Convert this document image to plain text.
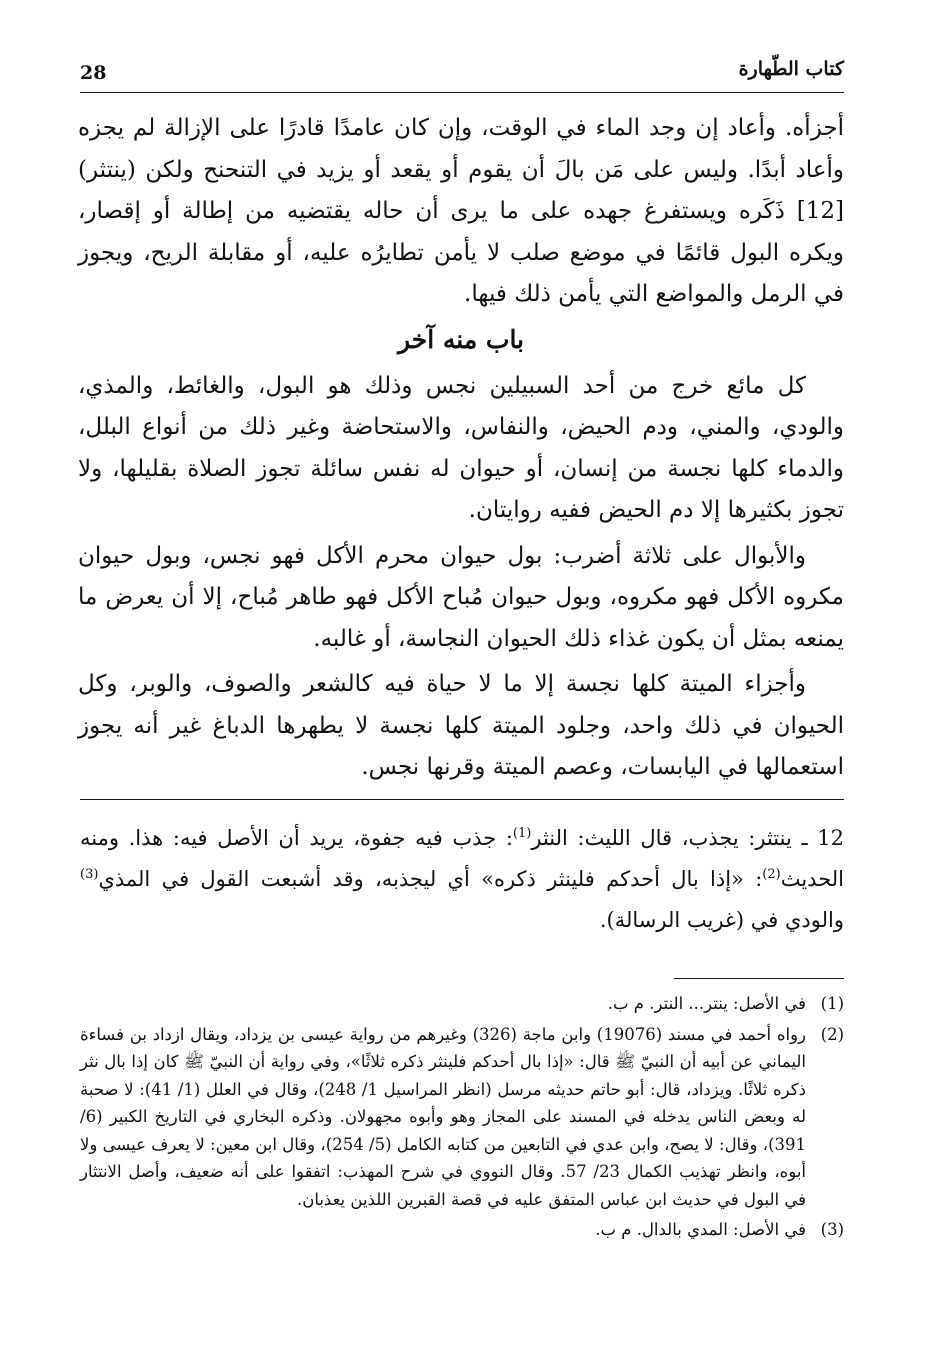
28	كتاب الطّهارة

أجزأه. وأعاد إن وجد الماء في الوقت، وإن كان عامدًا قادرًا على الإزالة لم يجزه وأعاد أبدًا. وليس على مَن بالَ أن يقوم أو يقعد أو يزيد في التنحنح ولكن (ينتثر)[12] ذَكَره ويستفرغ جهده على ما يرى أن حاله يقتضيه من إطالة أو إقصار، ويكره البول قائمًا في موضع صلب لا يأمن تطايرُه عليه، أو مقابلة الريح، ويجوز في الرمل والمواضع التي يأمن ذلك فيها.

باب منه آخر

كل مائع خرج من أحد السبيلين نجس وذلك هو البول، والغائط، والمذي، والودي، والمني، ودم الحيض، والنفاس، والاستحاضة وغير ذلك من أنواع البلل، والدماء كلها نجسة من إنسان، أو حيوان له نفس سائلة تجوز الصلاة بقليلها، ولا تجوز بكثيرها إلا دم الحيض ففيه روايتان.

والأبوال على ثلاثة أضرب: بول حيوان محرم الأكل فهو نجس، وبول حيوان مكروه الأكل فهو مكروه، وبول حيوان مُباح الأكل فهو طاهر مُباح، إلا أن يعرض ما يمنعه بمثل أن يكون غذاء ذلك الحيوان النجاسة، أو غالبه.

وأجزاء الميتة كلها نجسة إلا ما لا حياة فيه كالشعر والصوف، والوبر، وكل الحيوان في ذلك واحد، وجلود الميتة كلها نجسة لا يطهرها الدباغ غير أنه يجوز استعمالها في اليابسات، وعصم الميتة وقرنها نجس.

12 ـ ينتثر: يجذب، قال الليث: النثر$^{(1)}$: جذب فيه جفوة، يريد أن الأصل فيه: هذا. ومنه الحديث$^{(2)}$: «إذا بال أحدكم فلينثر ذكره» أي ليجذبه، وقد أشبعت القول في المذي$^{(3)}$ والودي في (غريب الرسالة).

(1)
في الأصل: ينتر... النتر. م ب.
(2)
رواه أحمد في مسند (19076) وابن ماجة (326) وغيرهم من رواية عيسى بن يزداد، ويقال ازداد بن فساءة اليماني عن أبيه أن النبيّ ﷺ قال: «إذا بال أحدكم فلينثر ذكره ثلاثًا»، وفي رواية أن النبيّ ﷺ كان إذا بال نثر ذكره ثلاثًا. ويزداد، قال: أبو حاتم حديثه مرسل (انظر المراسيل 1/ 248)، وقال في العلل (1/ 41): لا صحبة له وبعض الناس يدخله في المسند على المجاز وهو وأبوه مجهولان. وذكره البخاري في التاريخ الكبير (6/ 391)، وقال: لا يصح، وابن عدي في التابعين من كتابه الكامل (5/ 254)، وقال ابن معين: لا يعرف عيسى ولا أبوه، وانظر تهذيب الكمال 23/ 57. وقال النووي في شرح المهذب: اتفقوا على أنه ضعيف، وأصل الانتثار في البول في حديث ابن عباس المتفق عليه في قصة القبرين اللذين يعذبان.
(3)
في الأصل: المدي بالدال. م ب.
